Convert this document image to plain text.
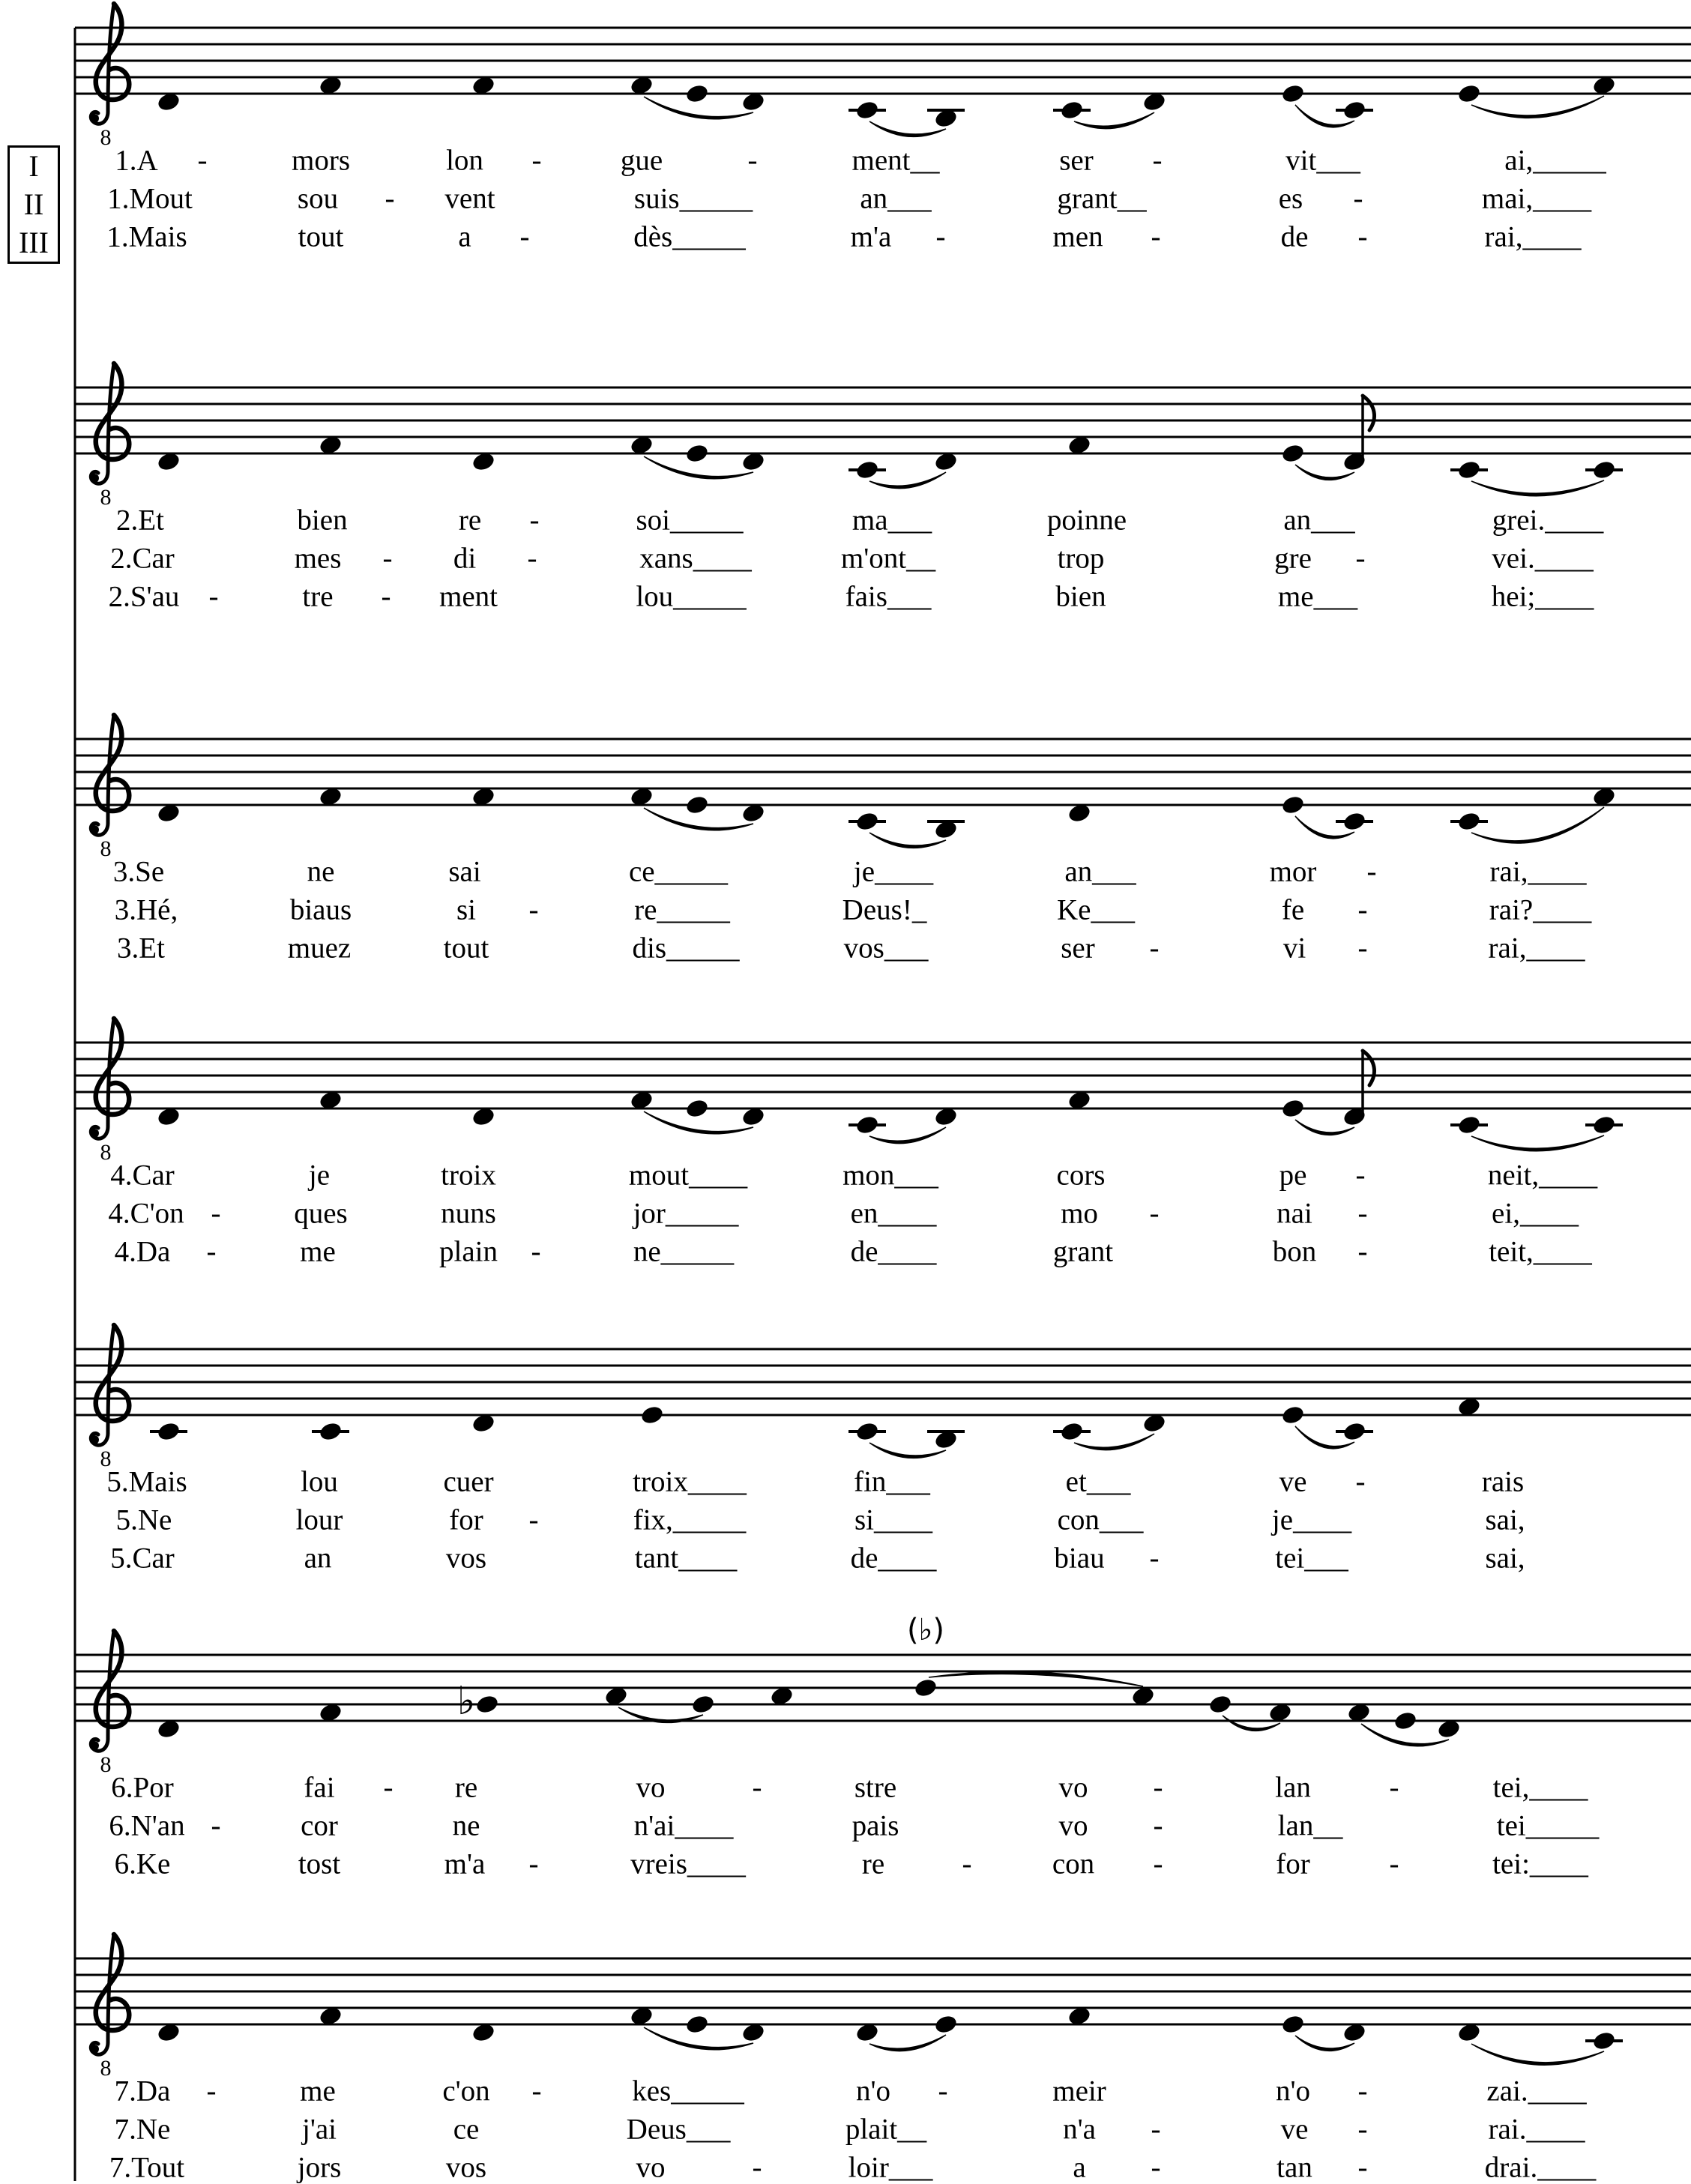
8
8
8
8
8
8
♭
(♭)
8
I
II
III
1.A -	mors	lon -	gue	-	ment__	ser -	vit___	ai,_____
1.Mout	sou - vent	suis_____	an___	grant__	es -	mai,____
1.Mais	tout	a -	dès_____	m'a -	men -	de -	rai,____
2.Et	bien	re -	soi_____	ma___	poinne	an___	grei.____
2.Car	mes - di -	xans____	m'ont__	trop	gre -	vei.____
2.S'au -	tre - ment	lou_____	fais___	bien	me___	hei;____
3.Se	ne	sai	ce_____	je____	an___	mor -	rai,____
3.Hé,	biaus	si -	re_____	Deus!_	Ke___	fe -	rai?____
3.Et	muez	tout	dis_____	vos___	ser -	vi -	rai,____
4.Car	je	troix	mout____	mon___	cors	pe -	neit,____
4.C'on -	ques	nuns	jor_____	en____	mo -	nai -	ei,____
4.Da -	me	plain -	ne_____	de____	grant	bon -	teit,____
5.Mais	lou	cuer	troix____	fin___	et___	ve -	rais
5.Ne	lour	for -	fix,_____	si____	con___	je____	sai,
5.Car	an	vos	tant____	de____	biau -	tei___	sai,
6.Por	fai - re	vo	-	stre	vo -	lan	-	tei,____
6.N'an -	cor	ne	n'ai____	pais	vo -	lan__	tei_____
6.Ke	tost	m'a -	vreis____	re	-	con -	for	-	tei:____
7.Da -	me	c'on -	kes_____	n'o -	meir	n'o -	zai.____
7.Ne	j'ai	ce	Deus___	plait__	n'a -	ve -	rai.____
7.Tout	jors	vos	vo	-	loir___	a -	tan -	drai.____
